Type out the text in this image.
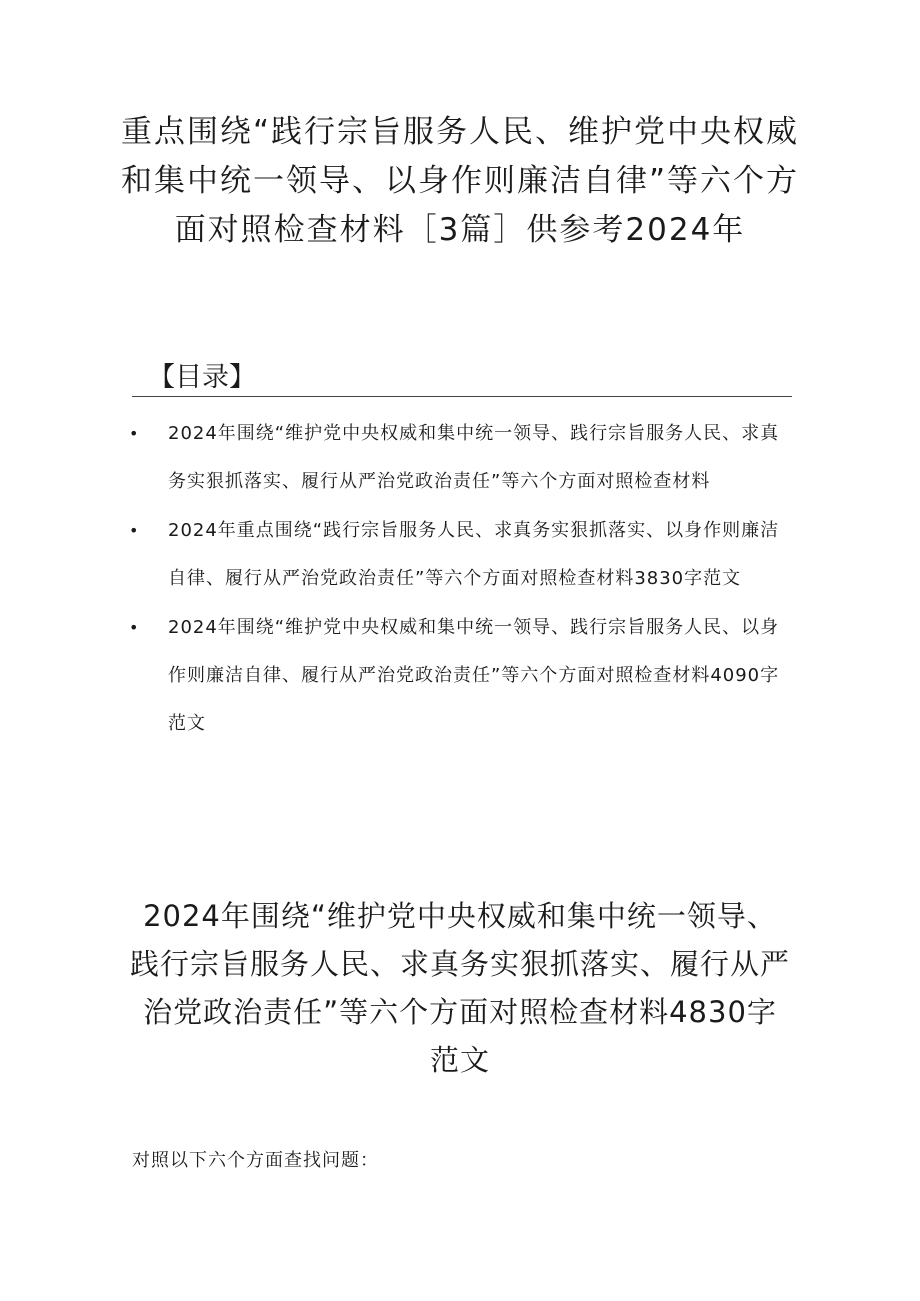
重点围绕“践行宗旨服务人民、维护党中央权威和集中统一领导、以身作则廉洁自律”等六个方面对照检查材料［3篇］供参考2024年
【目录】
• 2024年围绕“维护党中央权威和集中统一领导、践行宗旨服务人民、求真务实狠抓落实、履行从严治党政治责任”等六个方面对照检查材料
• 2024年重点围绕“践行宗旨服务人民、求真务实狠抓落实、以身作则廉洁自律、履行从严治党政治责任”等六个方面对照检查材料3830字范文
• 2024年围绕“维护党中央权威和集中统一领导、践行宗旨服务人民、以身作则廉洁自律、履行从严治党政治责任”等六个方面对照检查材料4090字范文
2024年围绕“维护党中央权威和集中统一领导、践行宗旨服务人民、求真务实狠抓落实、履行从严治党政治责任”等六个方面对照检查材料4830字范文

对照以下六个方面查找问题：
